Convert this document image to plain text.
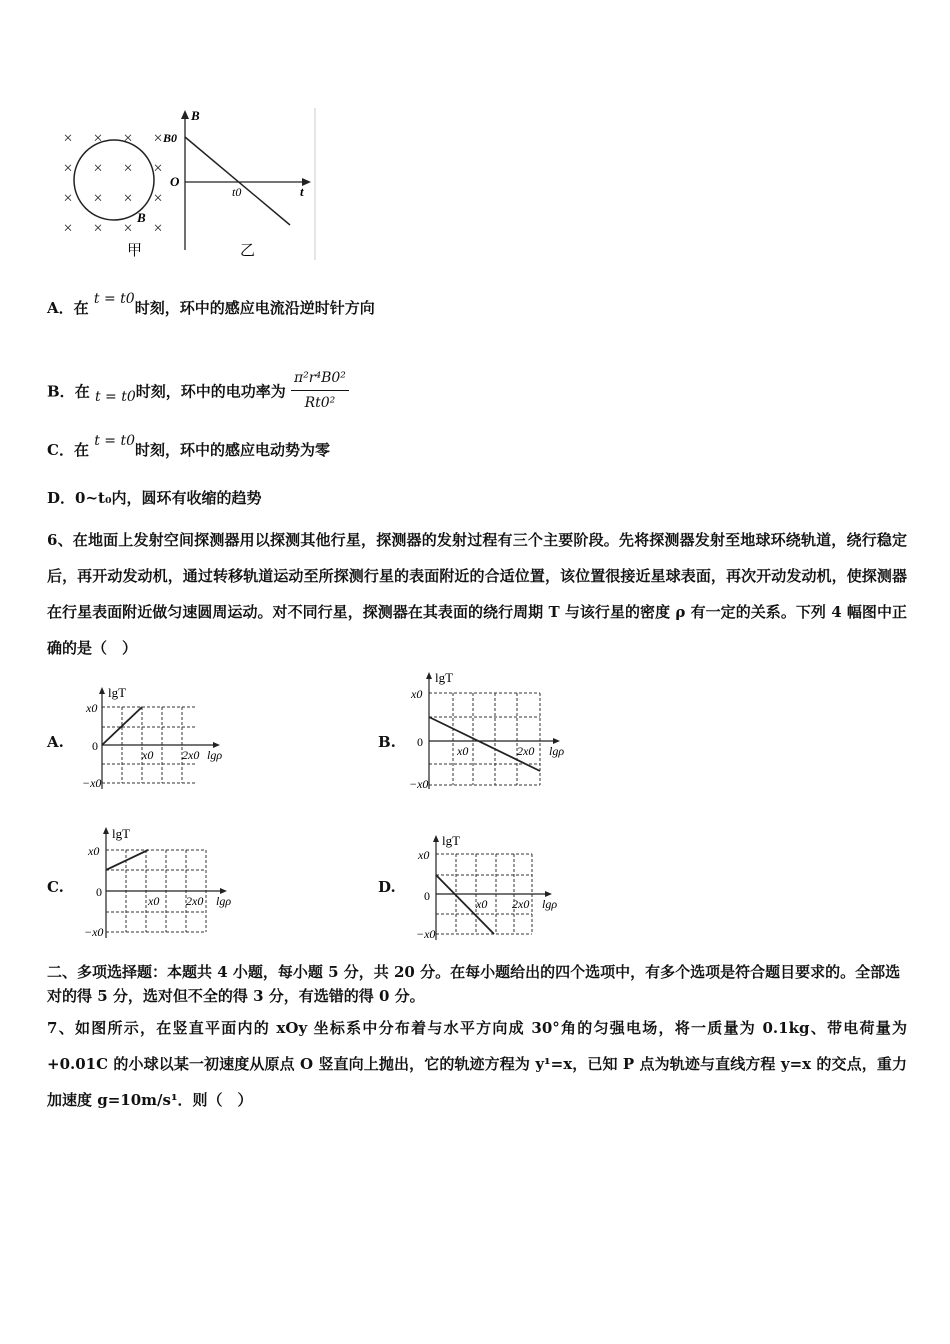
× × × ×
× × × ×
× × × ×
× × × ×
B
甲
B
B0
O
t0	t
乙
A．在 t = t0时刻，环中的感应电流沿逆时针方向
B．在 t = t0时刻，环中的电功率为 $\frac{\text{π²r⁴B0²}}{\text{Rt0²}}$
C．在 t = t0时刻，环中的感应电动势为零
D．0~t₀内，圆环有收缩的趋势
6、在地面上发射空间探测器用以探测其他行星，探测器的发射过程有三个主要阶段。先将探测器发射至地球环绕轨道，绕行稳定后，再开动发动机，通过转移轨道运动至所探测行星的表面附近的合适位置，该位置很接近星球表面，再次开动发动机，使探测器在行星表面附近做匀速圆周运动。对不同行星，探测器在其表面的绕行周期 T 与该行星的密度 ρ 有一定的关系。下列 4 幅图中正确的是（　）
A.
lgT
x0
0
−x0
x0 2x0 lgρ
B.
lgT
x0
0
−x0
x0	2x0 lgρ
C.
lgT
x0
0
−x0
x0 2x0 lgρ
D.
lgT
x0
0
−x0
x0 2x0 lgρ
二、多项选择题：本题共 4 小题，每小题 5 分，共 20 分。在每小题给出的四个选项中，有多个选项是符合题目要求的。全部选对的得 5 分，选对但不全的得 3 分，有选错的得 0 分。
7、如图所示，在竖直平面内的 xOy 坐标系中分布着与水平方向成 30°角的匀强电场，将一质量为 0.1kg、带电荷量为 +0.01C 的小球以某一初速度从原点 O 竖直向上抛出，它的轨迹方程为 y¹=x，已知 P 点为轨迹与直线方程 y=x 的交点，重力加速度 g=10m/s¹．则（　）
